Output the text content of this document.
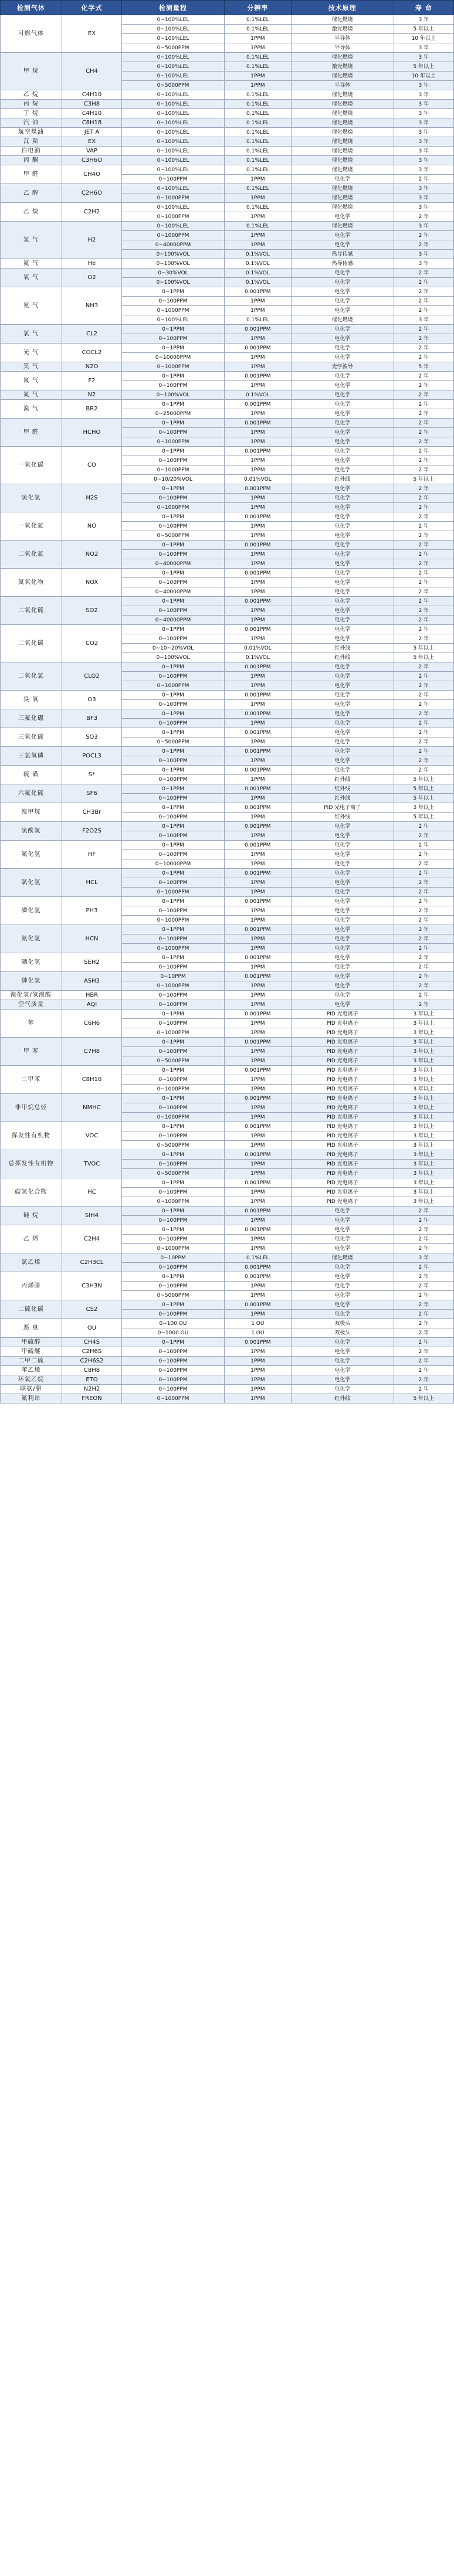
检测气体	化学式	检测量程	分辨率	技术原理	寿 命
可燃气体	EX	0~100%LEL	0.1%LEL	催化燃烧	3 年
		0~100%LEL	0.1%LEL	激光燃烧	5 年以上
		0~100%LEL	1PPM	半导体	10 年以上
		0~5000PPM	1PPM	半导体	3 年
甲 烷	CH4	0~100%LEL	0.1%LEL	催化燃烧	3 年
		0~100%LEL	0.1%LEL	激光燃烧	5 年以上
		0~100%LEL	1PPM	催化燃烧	10 年以上
		0~5000PPM	1PPM	半导体	3 年
乙 烷	C4H10	0~100%LEL	0.1%LEL	催化燃烧	3 年
丙 烷	C3H8	0~100%LEL	0.1%LEL	催化燃烧	3 年
丁 烷	C4H10	0~100%LEL	0.1%LEL	催化燃烧	3 年
汽 油	C8H18	0~100%LEL	0.1%LEL	催化燃烧	3 年
航空煤油	JET A	0~100%LEL	0.1%LEL	催化燃烧	3 年
瓦 斯	EX	0~100%LEL	0.1%LEL	催化燃烧	3 年
白电油	VAP	0~100%LEL	0.1%LEL	催化燃烧	3 年
丙 酮	C3H6O	0~100%LEL	0.1%LEL	催化燃烧	3 年
甲 醛	CH4O	0~100%LEL	0.1%LEL	催化燃烧	3 年
		0~100PPM	1PPM	电化学	2 年
乙 醇	C2H6O	0~100%LEL	0.1%LEL	催化燃烧	3 年
		0~1000PPM	1PPM	催化燃烧	3 年
乙 炔	C2H2	0~100%LEL	0.1%LEL	催化燃烧	3 年
		0~1000PPM	1PPM	电化学	2 年
氢 气	H2	0~100%LEL	0.1%LEL	催化燃烧	3 年
		0~1000PPM	1PPM	电化学	2 年
		0~40000PPM	1PPM	电化学	2 年
		0~100%VOL	0.1%VOL	热导传感	3 年
氦 气	He	0~100%VOL	0.1%VOL	热导传感	3 年
氧 气	O2	0~30%VOL	0.1%VOL	电化学	2 年
		0~100%VOL	0.1%VOL	电化学	2 年
氨 气	NH3	0~1PPM	0.001PPM	电化学	2 年
		0~100PPM	1PPM	电化学	2 年
		0~1000PPM	1PPM	电化学	2 年
		0~100%LEL	0.1%LEL	催化燃烧	3 年
氯 气	CL2	0~1PPM	0.001PPM	电化学	2 年
		0~100PPM	1PPM	电化学	2 年
光 气	COCL2	0~1PPM	0.001PPM	电化学	2 年
		0~10000PPM	1PPM	电化学	2 年
笑 气	N2O	0~1000PPM	1PPM	光学波导	5 年
氟 气	F2	0~1PPM	0.001PPM	电化学	2 年
		0~100PPM	1PPM	电化学	2 年
氮 气	N2	0~100%VOL	0.1%VOL	电化学	2 年
溴 气	BR2	0~1PPM	0.001PPM	电化学	2 年
		0~25000PPM	1PPM	电化学	2 年
甲 醛	HCHO	0~1PPM	0.001PPM	电化学	2 年
		0~100PPM	1PPM	电化学	2 年
		0~1000PPM	1PPM	电化学	2 年
一氧化碳	CO	0~1PPM	0.001PPM	电化学	2 年
		0~100PPM	1PPM	电化学	2 年
		0~1000PPM	1PPM	电化学	2 年
		0~10/20%VOL	0.01%VOL	红外线	5 年以上
硫化氢	H2S	0~1PPM	0.001PPM	电化学	2 年
		0~100PPM	1PPM	电化学	2 年
		0~1000PPM	1PPM	电化学	2 年
一氧化氮	NO	0~1PPM	0.001PPM	电化学	2 年
		0~100PPM	1PPM	电化学	2 年
		0~5000PPM	1PPM	电化学	2 年
二氧化氮	NO2	0~1PPM	0.001PPM	电化学	2 年
		0~100PPM	1PPM	电化学	2 年
		0~40000PPM	1PPM	电化学	2 年
氮氧化物	NOX	0~1PPM	0.001PPM	电化学	2 年
		0~100PPM	1PPM	电化学	2 年
		0~40000PPM	1PPM	电化学	2 年
二氧化硫	SO2	0~1PPM	0.001PPM	电化学	2 年
		0~100PPM	1PPM	电化学	2 年
		0~40000PPM	1PPM	电化学	2 年
二氧化碳	CO2	0~1PPM	0.001PPM	电化学	2 年
		0~100PPM	1PPM	电化学	2 年
		0~10~20%VOL	0.01%VOL	红外线	5 年以上
		0~100%VOL	0.1%VOL	红外线	5 年以上
二氧化氯	CLO2	0~1PPM	0.001PPM	电化学	2 年
		0~100PPM	1PPM	电化学	2 年
		0~1000PPM	1PPM	电化学	2 年
臭 氧	O3	0~1PPM	0.001PPM	电化学	2 年
		0~100PPM	1PPM	电化学	2 年
三氟化硼	BF3	0~1PPM	0.001PPM	电化学	2 年
		0~100PPM	1PPM	电化学	2 年
三氧化硫	SO3	0~1PPM	0.001PPM	电化学	2 年
		0~5000PPM	1PPM	电化学	2 年
三氯氧磷	POCL3	0~1PPM	0.001PPM	电化学	2 年
		0~100PPM	1PPM	电化学	2 年
硫 磺	S*	0~1PPM	0.001PPM	电化学	2 年
		0~100PPM	1PPM	红外线	5 年以上
六氟化硫	SF6	0~1PPM	0.001PPM	红外线	5 年以上
		0~100PPM	1PPM	红外线	5 年以上
溴甲烷	CH3Br	0~1PPM	0.001PPM	PID 光电子离子	3 年以上
		0~100PPM	1PPM	红外线	5 年以上
硫酰氟	F2O2S	0~1PPM	0.001PPM	电化学	2 年
		0~100PPM	1PPM	电化学	2 年
氟化氢	HF	0~1PPM	0.001PPM	电化学	2 年
		0~100PPM	1PPM	电化学	2 年
		0~10000PPM	1PPM	电化学	2 年
氯化氢	HCL	0~1PPM	0.001PPM	电化学	2 年
		0~100PPM	1PPM	电化学	2 年
		0~1000PPM	1PPM	电化学	2 年
磷化氢	PH3	0~1PPM	0.001PPM	电化学	2 年
		0~100PPM	1PPM	电化学	2 年
		0~1000PPM	1PPM	电化学	2 年
氰化氢	HCN	0~1PPM	0.001PPM	电化学	2 年
		0~100PPM	1PPM	电化学	2 年
		0~1000PPM	1PPM	电化学	2 年
硒化氢	SEH2	0~1PPM	0.001PPM	电化学	2 年
		0~100PPM	1PPM	电化学	2 年
砷化氢	ASH3	0~10PPM	0.001PPM	电化学	2 年
		0~1000PPM	1PPM	电化学	2 年
溴化氢/氢溴酸	HBR	0~100PPM	1PPM	电化学	2 年
空气质量	AQI	0~100PPM	1PPM	电化学	2 年
苯	C6H6	0~1PPM	0.001PPM	PID 光电离子	3 年以上
		0~100PPM	1PPM	PID 光电离子	3 年以上
		0~1000PPM	1PPM	PID 光电离子	3 年以上
甲 苯	C7H8	0~1PPM	0.001PPM	PID 光电离子	3 年以上
		0~100PPM	1PPM	PID 光电离子	3 年以上
		0~5000PPM	1PPM	PID 光电离子	3 年以上
二甲苯	C8H10	0~1PPM	0.001PPM	PID 光电离子	3 年以上
		0~100PPM	1PPM	PID 光电离子	3 年以上
		0~1000PPM	1PPM	PID 光电离子	3 年以上
非甲烷总烃	NMHC	0~1PPM	0.001PPM	PID 光电离子	3 年以上
		0~100PPM	1PPM	PID 光电离子	3 年以上
		0~1000PPM	1PPM	PID 光电离子	3 年以上
挥发性有机物	VOC	0~1PPM	0.001PPM	PID 光电离子	3 年以上
		0~100PPM	1PPM	PID 光电离子	3 年以上
		0~5000PPM	1PPM	PID 光电离子	3 年以上
总挥发性有机物	TVOC	0~1PPM	0.001PPM	PID 光电离子	3 年以上
		0~100PPM	1PPM	PID 光电离子	3 年以上
		0~5000PPM	1PPM	PID 光电离子	3 年以上
碳氢化合物	HC	0~1PPM	0.001PPM	PID 光电离子	3 年以上
		0~100PPM	1PPM	PID 光电离子	3 年以上
		0~1000PPM	1PPM	PID 光电离子	3 年以上
硅 烷	SIH4	0~1PPM	0.001PPM	电化学	2 年
		0~100PPM	1PPM	电化学	2 年
乙 烯	C2H4	0~1PPM	0.001PPM	电化学	2 年
		0~100PPM	1PPM	电化学	2 年
		0~1000PPM	1PPM	电化学	2 年
氯乙烯	C2H3CL	0~10PPM	0.1%LEL	催化燃烧	3 年
		0~100PPM	0.001PPM	电化学	2 年
丙烯腈	C3H3N	0~1PPM	0.001PPM	电化学	2 年
		0~100PPM	1PPM	电化学	2 年
		0~5000PPM	1PPM	电化学	2 年
二硫化碳	CS2	0~1PPM	0.001PPM	电化学	2 年
		0~100PPM	1PPM	电化学	2 年
恶 臭	OU	0~100 OU	1 OU	双极头	2 年
		0~1000 OU	1 OU	双极头	2 年
甲硫醇	CH4S	0~1PPM	0.001PPM	电化学	2 年
甲硫醚	C2H6S	0~100PPM	1PPM	电化学	2 年
二甲二硫	C2H6S2	0~100PPM	1PPM	电化学	2 年
苯乙烯	C8H8	0~100PPM	1PPM	电化学	2 年
环氧乙烷	ETO	0~100PPM	1PPM	电化学	2 年
联氨/肼	N2H2	0~100PPM	1PPM	电化学	2 年
氟利昂	FREON	0~1000PPM	1PPM	红外线	5 年以上
